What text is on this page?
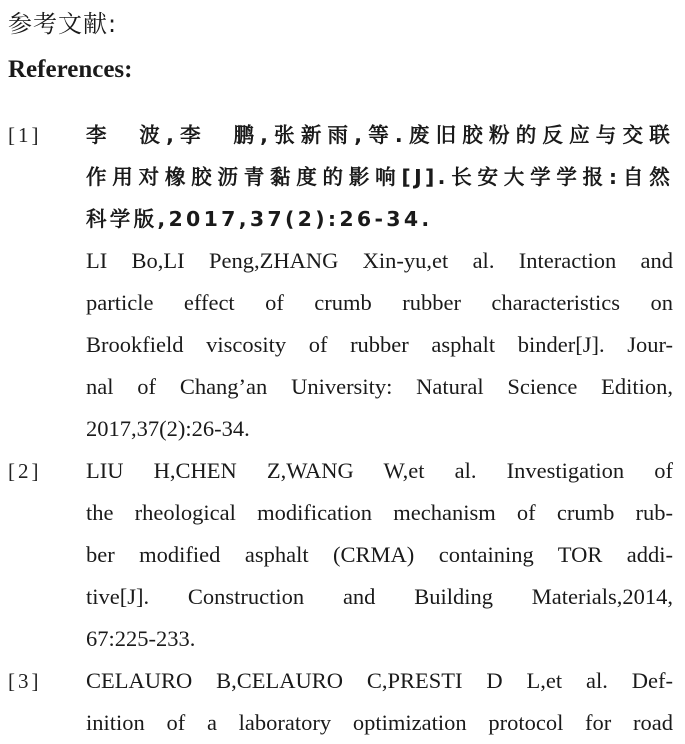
参考文献:
References:
[1] 李　波,李　鹏,张新雨,等.废旧胶粉的反应与交联
作用对橡胶沥青黏度的影响[J].长安大学学报:自然
科学版,2017,37(2):26-34.
LI Bo,LI Peng,ZHANG Xin-yu,et al. Interaction and
particle effect of crumb rubber characteristics on
Brookfield viscosity of rubber asphalt binder[J]. Jour-
nal of Chang’an University: Natural Science Edition,
2017,37(2):26-34.
[2] LIU H,CHEN Z,WANG W,et al. Investigation of
the rheological modification mechanism of crumb rub-
ber modified asphalt (CRMA) containing TOR addi-
tive[J]. Construction and Building Materials,2014,
67:225-233.
[3] CELAURO B,CELAURO C,PRESTI D L,et al. Def-
inition of a laboratory optimization protocol for road
